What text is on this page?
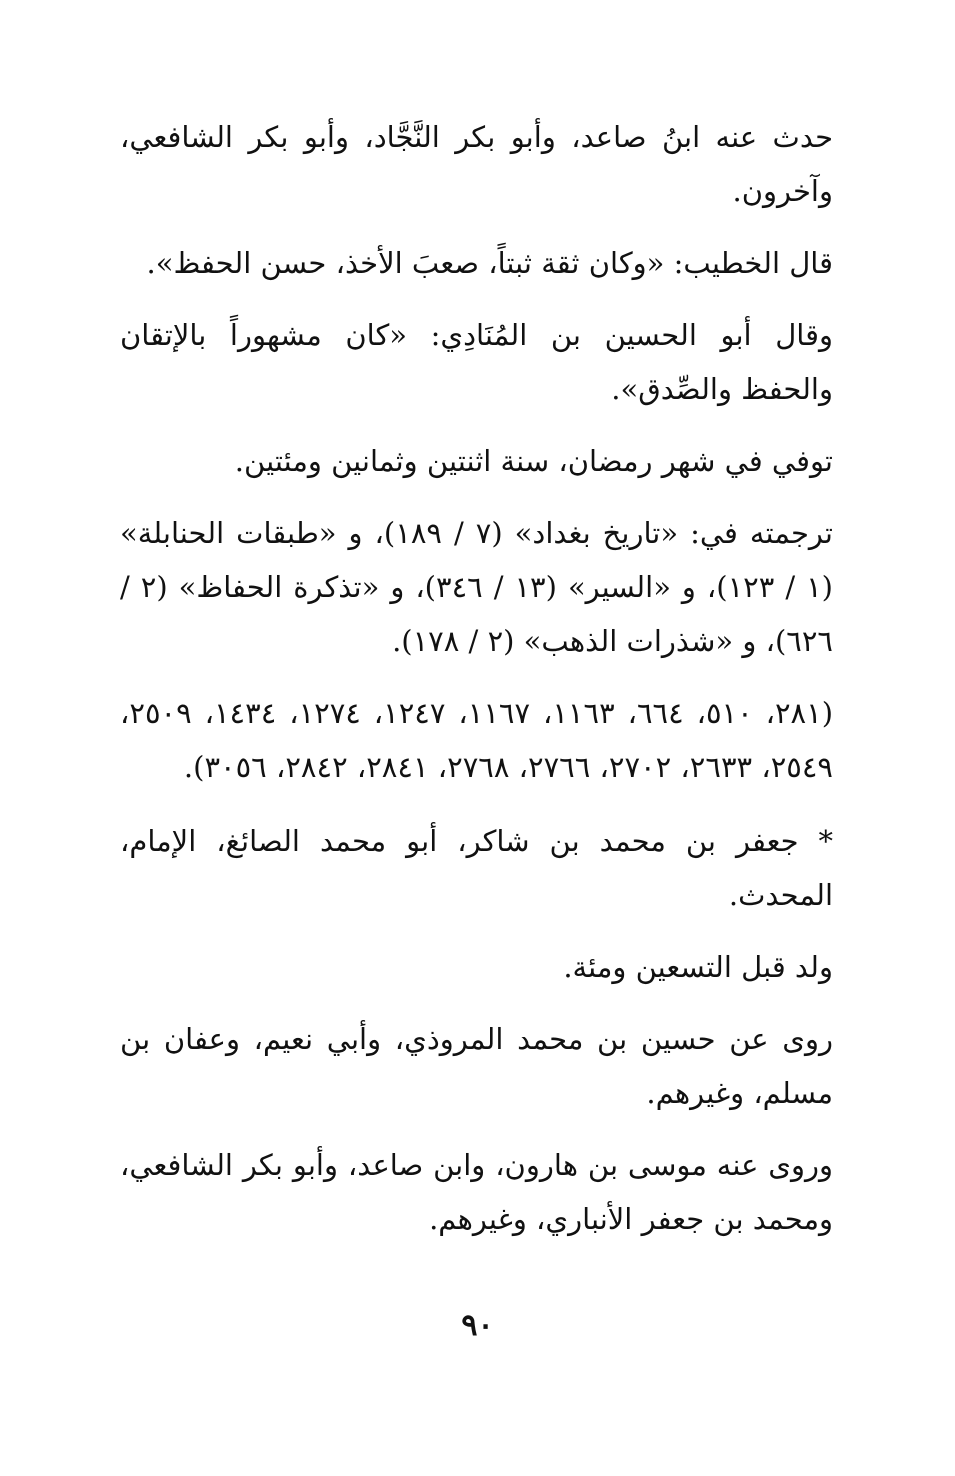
حدث عنه ابنُ صاعد، وأبو بكر النَّجَّاد، وأبو بكر الشافعي، وآخرون.

قال الخطيب: «وكان ثقة ثبتاً، صعبَ الأخذ، حسن الحفظ».

وقال أبو الحسين بن المُنَادِي: «كان مشهوراً بالإتقان والحفظ والصِّدق».

توفي في شهر رمضان، سنة اثنتين وثمانين ومئتين.

ترجمته في: «تاريخ بغداد» (٧ / ١٨٩)، و «طبقات الحنابلة» (١ / ١٢٣)، و «السير» (١٣ / ٣٤٦)، و «تذكرة الحفاظ» (٢ / ٦٢٦)، و «شذرات الذهب» (٢ / ١٧٨).

(٢٨١، ٥١٠، ٦٦٤، ١١٦٣، ١١٦٧، ١٢٤٧، ١٢٧٤، ١٤٣٤، ٢٥٠٩، ٢٥٤٩، ٢٦٣٣، ٢٧٠٢، ٢٧٦٦، ٢٧٦٨، ٢٨٤١، ٢٨٤٢، ٣٠٥٦).

* جعفر بن محمد بن شاكر، أبو محمد الصائغ، الإمام، المحدث.

ولد قبل التسعين ومئة.

روى عن حسين بن محمد المروذي، وأبي نعيم، وعفان بن مسلم، وغيرهم.

وروى عنه موسى بن هارون، وابن صاعد، وأبو بكر الشافعي، ومحمد بن جعفر الأنباري، وغيرهم.

٩٠
